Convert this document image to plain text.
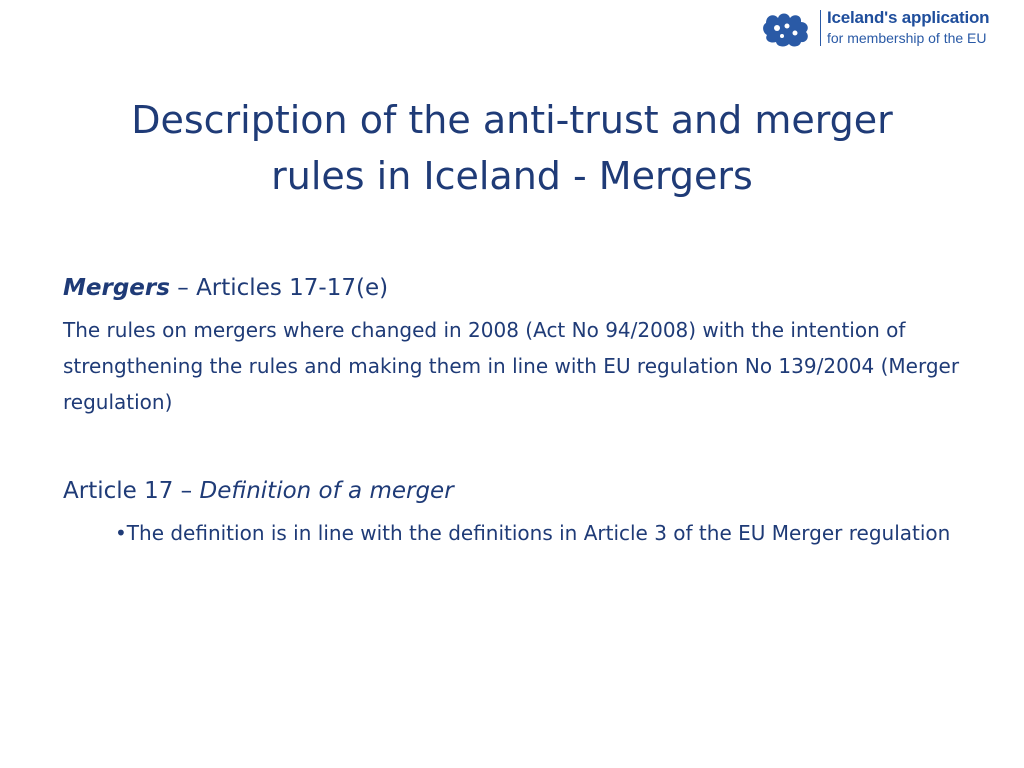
Iceland's application
for membership of the EU
Description of the anti-trust and merger
rules in Iceland - Mergers

Mergers – Articles 17-17(e)

The rules on mergers where changed in 2008 (Act No 94/2008) with the intention of strengthening the rules and making them in line with EU regulation No 139/2004 (Merger regulation)

Article 17 – Definition of a merger

•The definition is in line with the definitions in Article 3 of the EU Merger regulation
